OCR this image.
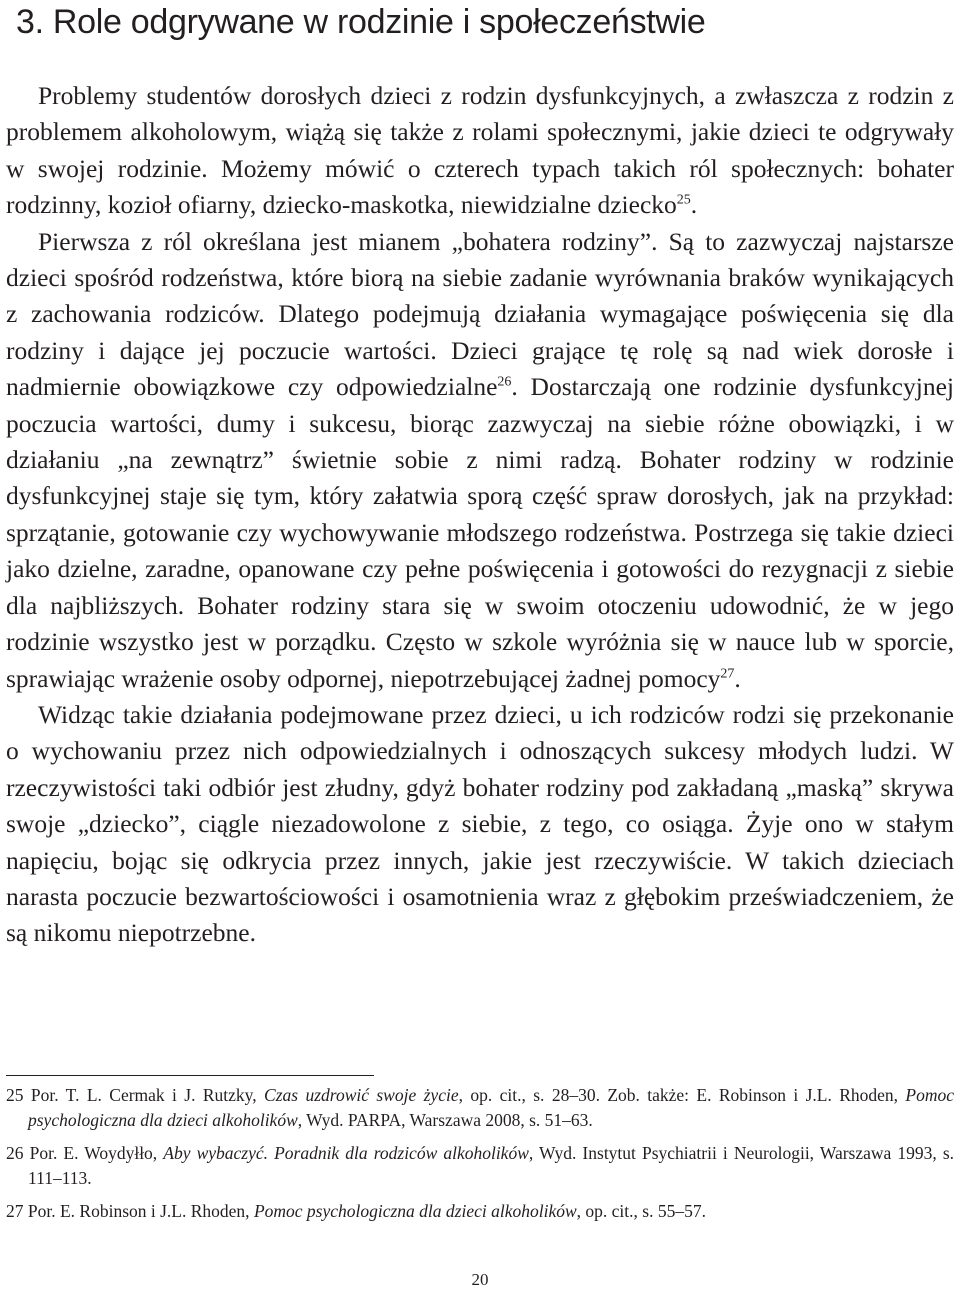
3. Role odgrywane w rodzinie i społeczeństwie

Problemy studentów dorosłych dzieci z rodzin dysfunkcyjnych, a zwłaszcza z rodzin z problemem alkoholowym, wiążą się także z rolami społecznymi, jakie dzieci te odgrywały w swojej rodzinie. Możemy mówić o czterech typach takich ról społecznych: bohater rodzinny, kozioł ofiarny, dziecko-maskotka, niewidzialne dziecko$^{25}$.

Pierwsza z ról określana jest mianem „bohatera rodziny”. Są to zazwyczaj najstarsze dzieci spośród rodzeństwa, które biorą na siebie zadanie wyrównania braków wynikających z zachowania rodziców. Dlatego podejmują działania wymagające poświęcenia się dla rodziny i dające jej poczucie wartości. Dzieci grające tę rolę są nad wiek dorosłe i nadmiernie obowiązkowe czy odpowiedzialne$^{26}$. Dostarczają one rodzinie dysfunkcyjnej poczucia wartości, dumy i sukcesu, biorąc zazwyczaj na siebie różne obowiązki, i w działaniu „na zewnątrz” świetnie sobie z nimi radzą. Bohater rodziny w rodzinie dysfunkcyjnej staje się tym, który załatwia sporą część spraw dorosłych, jak na przykład: sprzątanie, gotowanie czy wychowywanie młodszego rodzeństwa. Postrzega się takie dzieci jako dzielne, zaradne, opanowane czy pełne poświęcenia i gotowości do rezygnacji z siebie dla najbliższych. Bohater rodziny stara się w swoim otoczeniu udowodnić, że w jego rodzinie wszystko jest w porządku. Często w szkole wyróżnia się w nauce lub w sporcie, sprawiając wrażenie osoby odpornej, niepotrzebującej żadnej pomocy$^{27}$.

Widząc takie działania podejmowane przez dzieci, u ich rodziców rodzi się przekonanie o wychowaniu przez nich odpowiedzialnych i odnoszących sukcesy młodych ludzi. W rzeczywistości taki odbiór jest złudny, gdyż bohater rodziny pod zakładaną „maską” skrywa swoje „dziecko”, ciągle niezadowolone z siebie, z tego, co osiąga. Żyje ono w stałym napięciu, bojąc się odkrycia przez innych, jakie jest rzeczywiście. W takich dzieciach narasta poczucie bezwartościowości i osamotnienia wraz z głębokim przeświadczeniem, że są nikomu niepotrzebne.

25 Por. T. L. Cermak i J. Rutzky, Czas uzdrowić swoje życie, op. cit., s. 28–30. Zob. także: E. Robinson i J.L. Rhoden, Pomoc psychologiczna dla dzieci alkoholików, Wyd. PARPA, Warszawa 2008, s. 51–63.

26 Por. E. Woydyłło, Aby wybaczyć. Poradnik dla rodziców alkoholików, Wyd. Instytut Psychiatrii i Neurologii, Warszawa 1993, s. 111–113.

27 Por. E. Robinson i J.L. Rhoden, Pomoc psychologiczna dla dzieci alkoholików, op. cit., s. 55–57.

20
